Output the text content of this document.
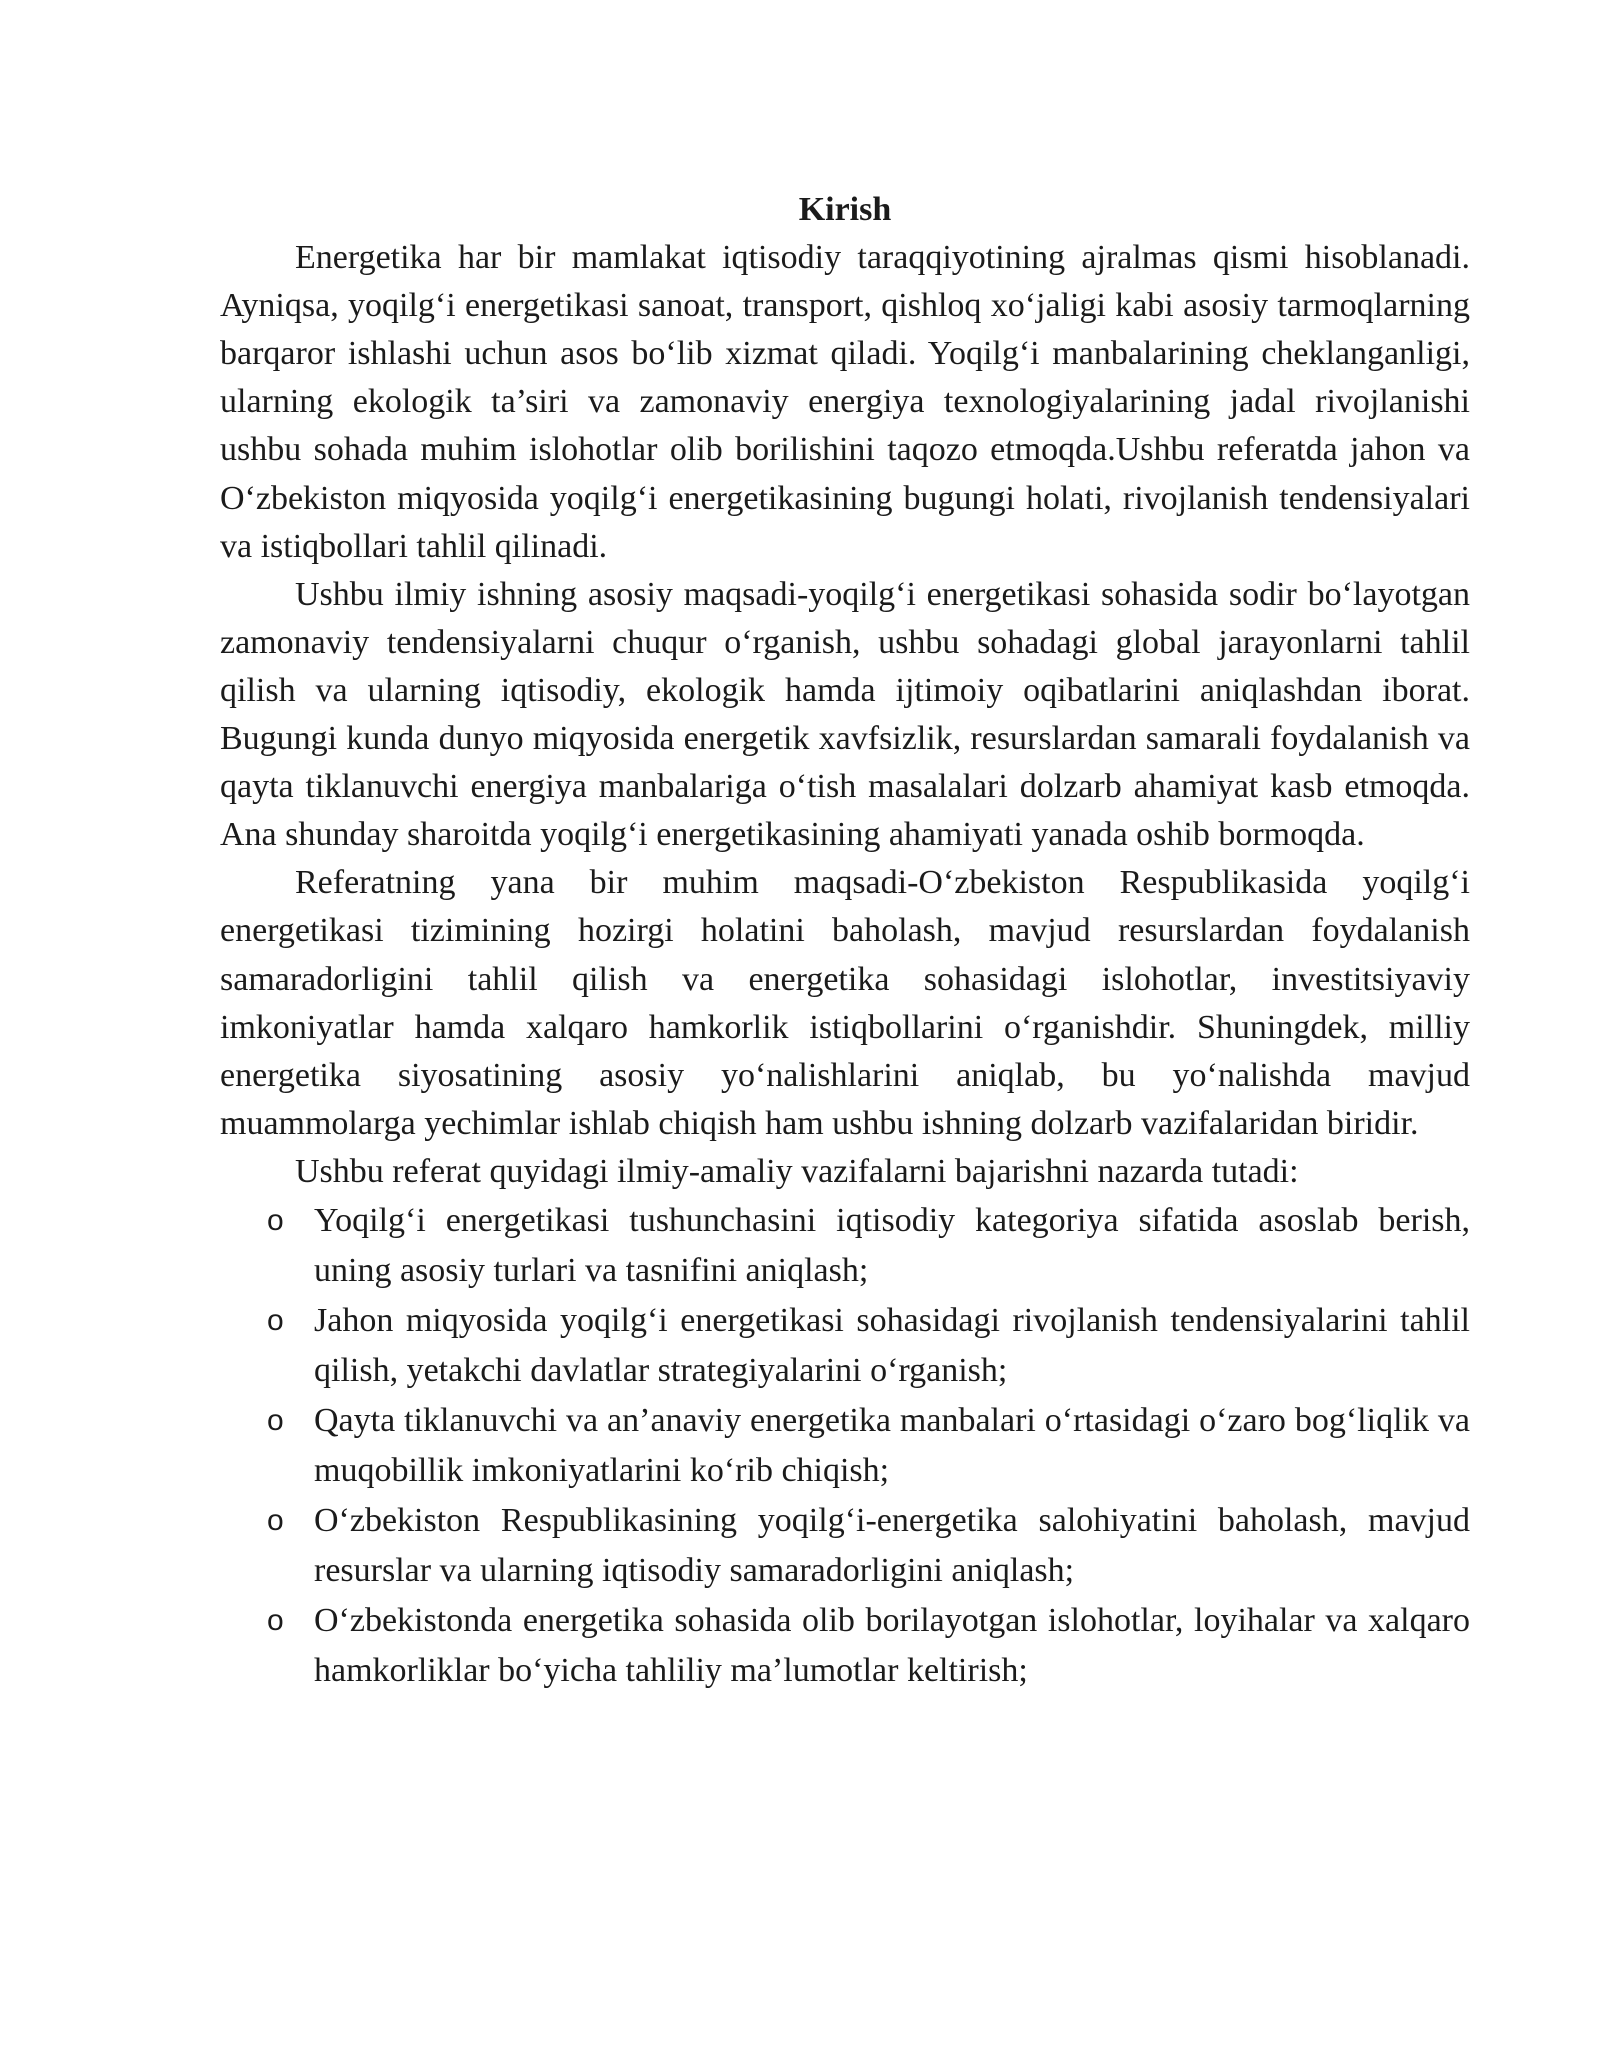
Kirish

Energetika har bir mamlakat iqtisodiy taraqqiyotining ajralmas qismi hisoblanadi. Ayniqsa, yoqilg‘i energetikasi sanoat, transport, qishloq xo‘jaligi kabi asosiy tarmoqlarning barqaror ishlashi uchun asos bo‘lib xizmat qiladi. Yoqilg‘i manbalarining cheklanganligi, ularning ekologik ta’siri va zamonaviy energiya texnologiyalarining jadal rivojlanishi ushbu sohada muhim islohotlar olib borilishini taqozo etmoqda.Ushbu referatda jahon va O‘zbekiston miqyosida yoqilg‘i energetikasining bugungi holati, rivojlanish tendensiyalari va istiqbollari tahlil qilinadi.

Ushbu ilmiy ishning asosiy maqsadi-yoqilg‘i energetikasi sohasida sodir bo‘layotgan zamonaviy tendensiyalarni chuqur o‘rganish, ushbu sohadagi global jarayonlarni tahlil qilish va ularning iqtisodiy, ekologik hamda ijtimoiy oqibatlarini aniqlashdan iborat. Bugungi kunda dunyo miqyosida energetik xavfsizlik, resurslardan samarali foydalanish va qayta tiklanuvchi energiya manbalariga o‘tish masalalari dolzarb ahamiyat kasb etmoqda. Ana shunday sharoitda yoqilg‘i energetikasining ahamiyati yanada oshib bormoqda.

Referatning yana bir muhim maqsadi-O‘zbekiston Respublikasida yoqilg‘i energetikasi tizimining hozirgi holatini baholash, mavjud resurslardan foydalanish samaradorligini tahlil qilish va energetika sohasidagi islohotlar, investitsiyaviy imkoniyatlar hamda xalqaro hamkorlik istiqbollarini o‘rganishdir. Shuningdek, milliy energetika siyosatining asosiy yo‘nalishlarini aniqlab, bu yo‘nalishda mavjud muammolarga yechimlar ishlab chiqish ham ushbu ishning dolzarb vazifalaridan biridir.

Ushbu referat quyidagi ilmiy-amaliy vazifalarni bajarishni nazarda tutadi:

o Yoqilg‘i energetikasi tushunchasini iqtisodiy kategoriya sifatida asoslab berish, uning asosiy turlari va tasnifini aniqlash;
o Jahon miqyosida yoqilg‘i energetikasi sohasidagi rivojlanish tendensiyalarini tahlil qilish, yetakchi davlatlar strategiyalarini o‘rganish;
o Qayta tiklanuvchi va an’anaviy energetika manbalari o‘rtasidagi o‘zaro bog‘liqlik va muqobillik imkoniyatlarini ko‘rib chiqish;
o O‘zbekiston Respublikasining yoqilg‘i-energetika salohiyatini baholash, mavjud resurslar va ularning iqtisodiy samaradorligini aniqlash;
o O‘zbekistonda energetika sohasida olib borilayotgan islohotlar, loyihalar va xalqaro hamkorliklar bo‘yicha tahliliy ma’lumotlar keltirish;
